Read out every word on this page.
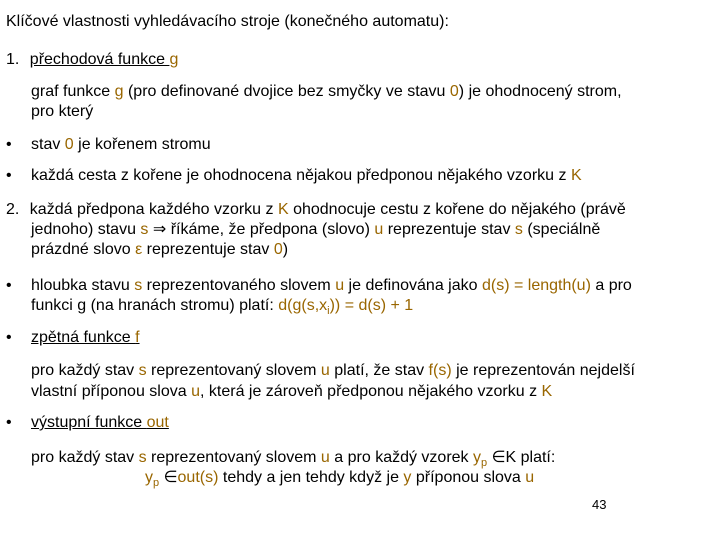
Klíčové vlastnosti vyhledávacího stroje (konečného automatu):
1. přechodová funkce g
graf funkce g (pro definované dvojice bez smyčky ve stavu 0) je ohodnocený strom,
pro který
• stav 0 je kořenem stromu
• každá cesta z kořene je ohodnocena nějakou předponou nějakého vzorku z K
2. každá předpona každého vzorku z K ohodnocuje cestu z kořene do nějakého (právě
jednoho) stavu s ⇒ říkáme, že předpona (slovo) u reprezentuje stav s (speciálně
prázdné slovo ε reprezentuje stav 0)
• hloubka stavu s reprezentovaného slovem u je definována jako d(s) = length(u) a pro
funkci g (na hranách stromu) platí: $d(g(s,x_i)) = d(s) + 1$
• zpětná funkce f
pro každý stav s reprezentovaný slovem u platí, že stav f(s) je reprezentován nejdelší
vlastní příponou slova u, která je zároveň předponou nějakého vzorku z K
• výstupní funkce out
pro každý stav s reprezentovaný slovem u a pro každý vzorek $y_p$ ∈K platí:
$y_p$ ∈out(s) tehdy a jen tehdy když je y příponou slova u
43
